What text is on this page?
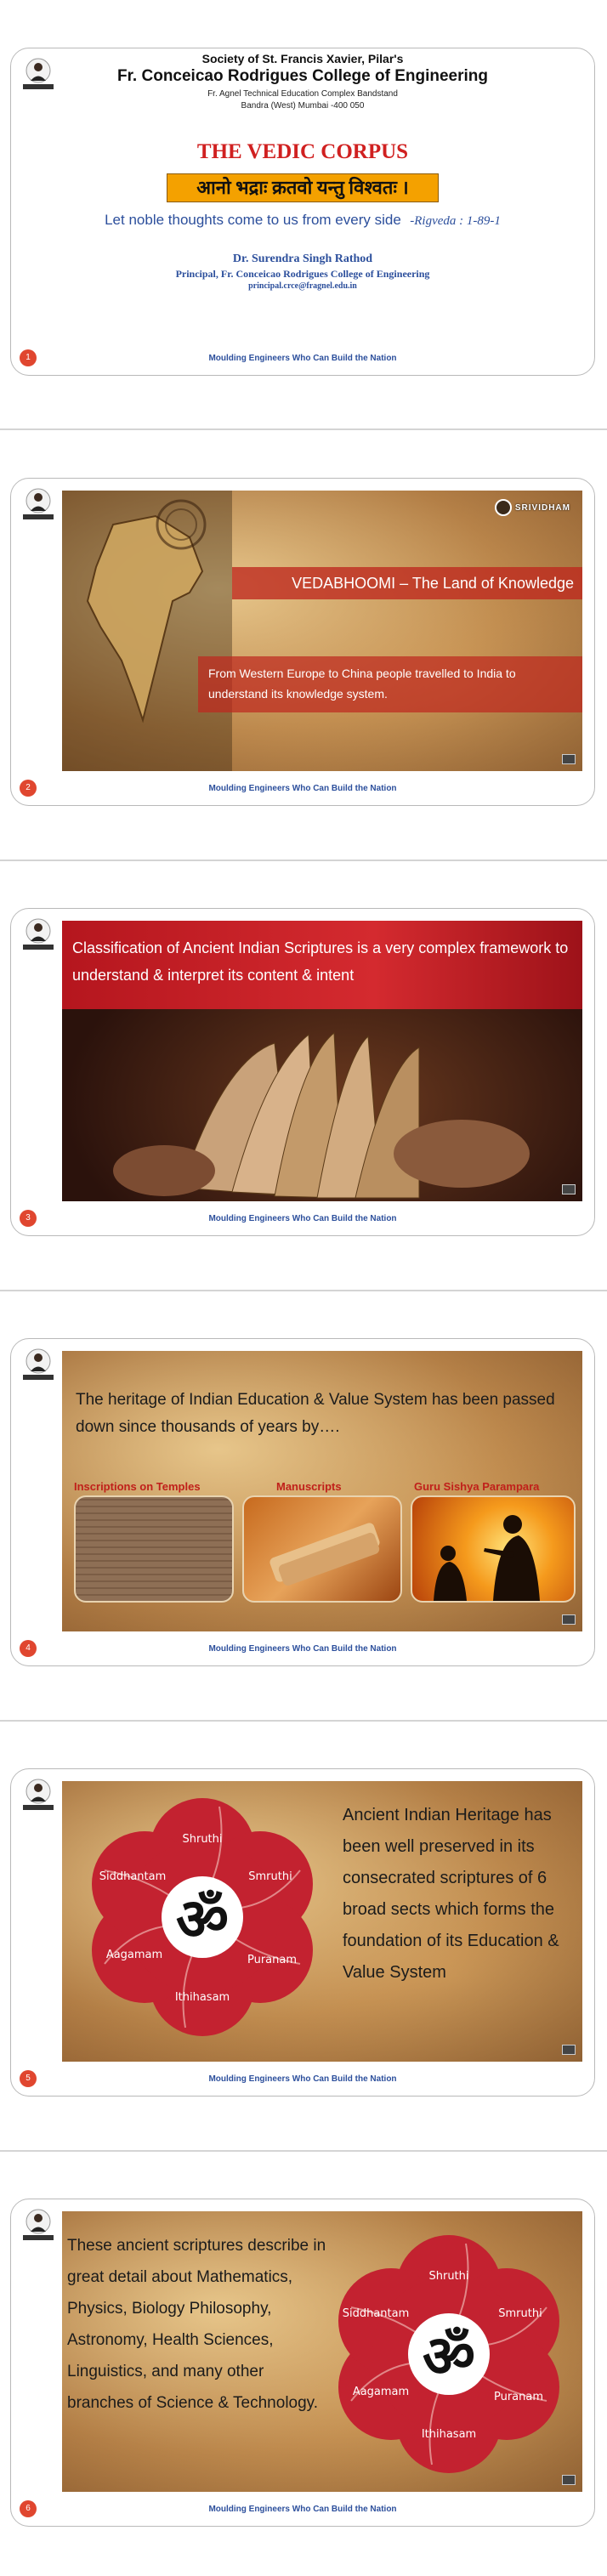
Society of St. Francis Xavier, Pilar's
Fr. Conceicao Rodrigues College of Engineering
Fr. Agnel Technical Education Complex Bandstand
Bandra (West) Mumbai -400 050
THE VEDIC CORPUS
आनो भद्राः क्रतवो यन्तु विश्वतः ।
Let noble thoughts come to us from every side -Rigveda : 1-89-1
Dr. Surendra Singh Rathod
Principal, Fr. Conceicao Rodrigues College of Engineering
principal.crce@fragnel.edu.in
1	Moulding Engineers Who Can Build the Nation
SRIVIDHAM
VEDABHOOMI – The Land of Knowledge
From Western Europe to China people travelled to India to understand its knowledge system.
2	Moulding Engineers Who Can Build the Nation
Classification of Ancient Indian Scriptures is a very complex framework to understand & interpret its content & intent
3	Moulding Engineers Who Can Build the Nation
The heritage of Indian Education & Value System has been passed down since thousands of years by….
Inscriptions on Temples	Manuscripts	Guru Sishya Parampara
4	Moulding Engineers Who Can Build the Nation
ॐ
Shruthi
Smruthi
Puranam
Ithihasam
Aagamam
Siddhantam
Ancient Indian Heritage has been well preserved in its consecrated scriptures of 6 broad sects which forms the foundation of its Education & Value System
5	Moulding Engineers Who Can Build the Nation
These ancient scriptures describe in great detail about Mathematics, Physics, Biology Philosophy, Astronomy, Health Sciences, Linguistics, and many other branches of Science & Technology.
ॐ
Shruthi
Smruthi
Puranam
Ithihasam
Aagamam
Siddhantam
6	Moulding Engineers Who Can Build the Nation
